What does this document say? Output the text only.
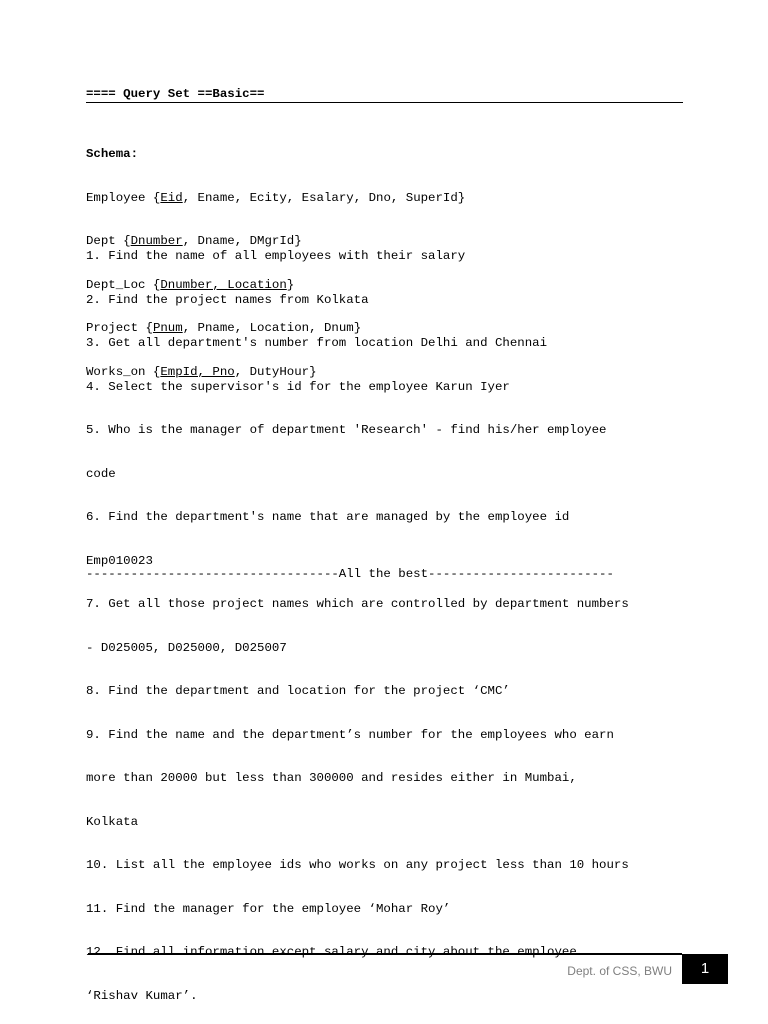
==== Query Set ==Basic==

Schema:

Employee {Eid, Ename, Ecity, Esalary, Dno, SuperId}

Dept {Dnumber, Dname, DMgrId}

Dept_Loc {Dnumber, Location}

Project {Pnum, Pname, Location, Dnum}

Works_on {EmpId, Pno, DutyHour}

1. Find the name of all employees with their salary

2. Find the project names from Kolkata

3. Get all department's number from location Delhi and Chennai

4. Select the supervisor's id for the employee Karun Iyer

5. Who is the manager of department 'Research' - find his/her employee

code

6. Find the department's name that are managed by the employee id

Emp010023

7. Get all those project names which are controlled by department numbers

- D025005, D025000, D025007

8. Find the department and location for the project ‘CMC’

9. Find the name and the department’s number for the employees who earn

more than 20000 but less than 300000 and resides either in Mumbai,

Kolkata

10. List all the employee ids who works on any project less than 10 hours

11. Find the manager for the employee ‘Mohar Roy’

12. Find all information except salary and city about the employee

‘Rishav Kumar’.

----------------------------------All the best-------------------------
Dept. of CSS, BWU	1
